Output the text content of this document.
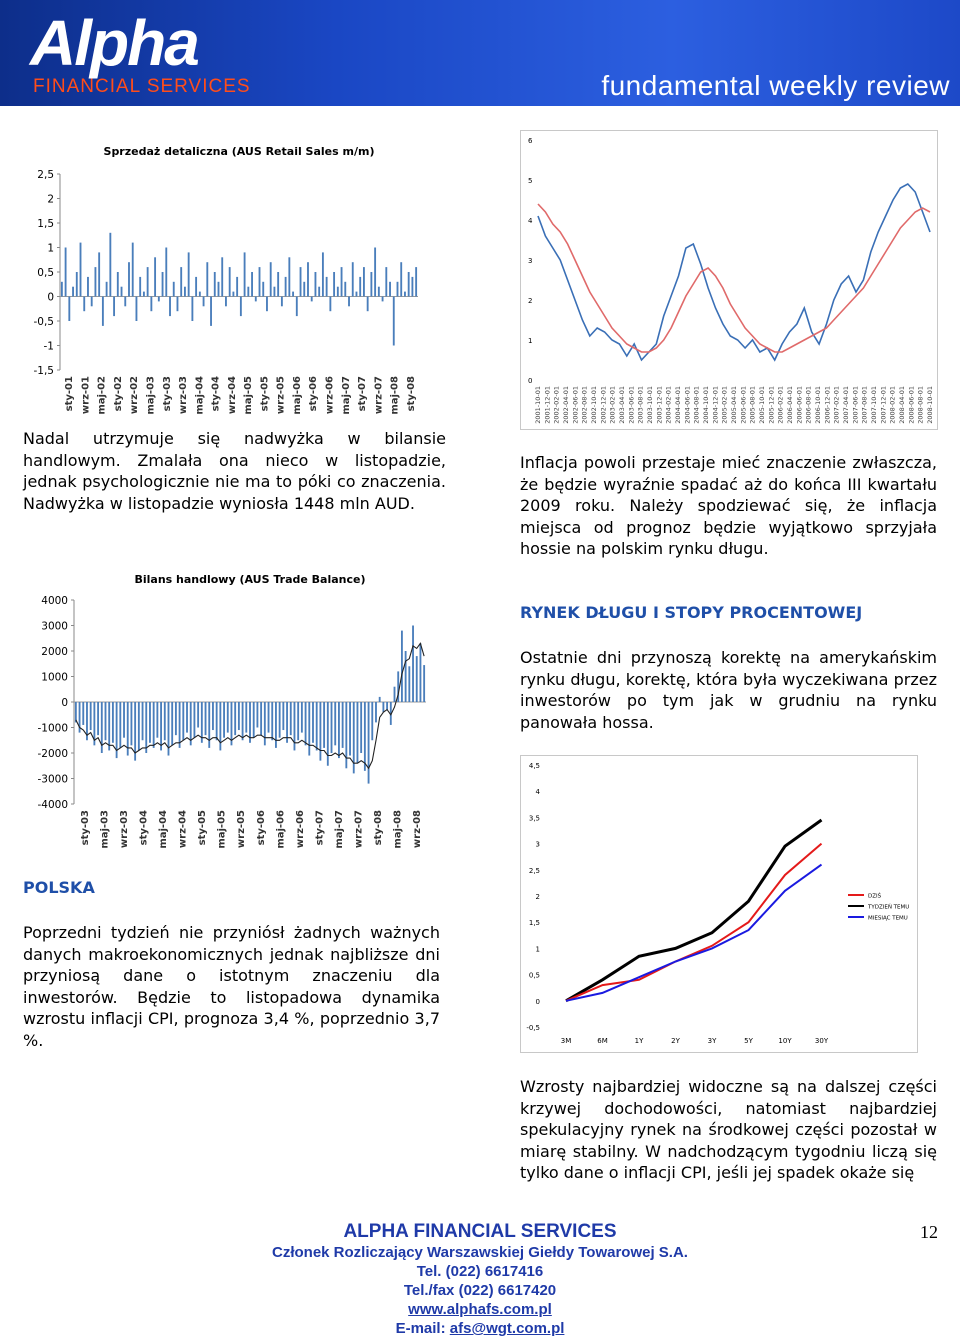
Alpha
FINANCIAL SERVICES	fundamental weekly review
Sprzedaż detaliczna (AUS Retail Sales m/m)
2,5
2
1,5
1
0,5
0
-0,5
-1
-1,5
sty-01 wrz-01 maj-02 sty-02 wrz-02 maj-03 sty-03 wrz-03 maj-04 sty-04 wrz-04 maj-05 sty-05 wrz-05 maj-06 sty-06 wrz-06 maj-07 sty-07 wrz-07 maj-08 sty-08
6
5
4
3
2
1
0
2001-10-01 2001-12-01 2002-02-01 2002-04-01 2002-06-01 2002-08-01 2002-10-01 2002-12-01 2003-02-01 2003-04-01 2003-06-01 2003-08-01 2003-10-01 2003-12-01 2004-02-01 2004-04-01 2004-06-01 2004-08-01 2004-10-01 2004-12-01 2005-02-01 2005-04-01 2005-06-01 2005-08-01 2005-10-01 2005-12-01 2006-02-01 2006-04-01 2006-06-01 2006-08-01 2006-10-01 2006-12-01 2007-02-01 2007-04-01 2007-06-01 2007-08-01 2007-10-01 2007-12-01 2008-02-01 2008-04-01 2008-06-01 2008-08-01 2008-10-01

Nadal utrzymuje się nadwyżka w bilansie handlowym. Zmalała ona nieco w listopadzie, jednak psychologicznie nie ma to póki co znaczenia. Nadwyżka w listopadzie wyniosła 1448 mln AUD.

Inflacja powoli przestaje mieć znaczenie zwłaszcza, że będzie wyraźnie spadać aż do końca III kwartału 2009 roku. Należy spodziewać się, że inflacja miejsca od prognoz będzie wyjątkowo sprzyjała hossie na polskim rynku długu.

Bilans handlowy (AUS Trade Balance)
4000
3000
2000
1000
0
-1000
-2000
-3000
-4000
sty-03 maj-03 wrz-03 sty-04 maj-04 wrz-04 sty-05 maj-05 wrz-05 sty-06 maj-06 wrz-06 sty-07 maj-07 wrz-07 sty-08 maj-08 wrz-08

RYNEK DŁUGU I STOPY PROCENTOWEJ

Ostatnie dni przynoszą korektę na amerykańskim rynku długu, korektę, która była wyczekiwana przez inwestorów po tym jak w grudniu na rynku panowała hossa.

4,5
4
3,5
3
2,5
2
1,5
1
0,5
0
-0,5
3M	6M	1Y	2Y	3Y	5Y	10Y	30Y
DZIŚ
TYDZIEŃ TEMU
MIESIĄC TEMU

POLSKA

Poprzedni tydzień nie przyniósł żadnych ważnych danych makroekonomicznych jednak najbliższe dni przyniosą dane o istotnym znaczeniu dla inwestorów. Będzie to listopadowa dynamika wzrostu inflacji CPI, prognoza 3,4 %, poprzednio 3,7 %.

Wzrosty najbardziej widoczne są na dalszej części krzywej dochodowości, natomiast najbardziej spekulacyjny rynek na środkowej części pozostał w miarę stabilny. W nadchodzącym tygodniu liczą się tylko dane o inflacji CPI, jeśli jej spadek okaże się

ALPHA FINANCIAL SERVICES
Członek Rozliczający Warszawskiej Giełdy Towarowej S.A.
Tel. (022) 6617416
Tel./fax (022) 6617420
www.alphafs.com.pl
E-mail: afs@wgt.com.pl
12
